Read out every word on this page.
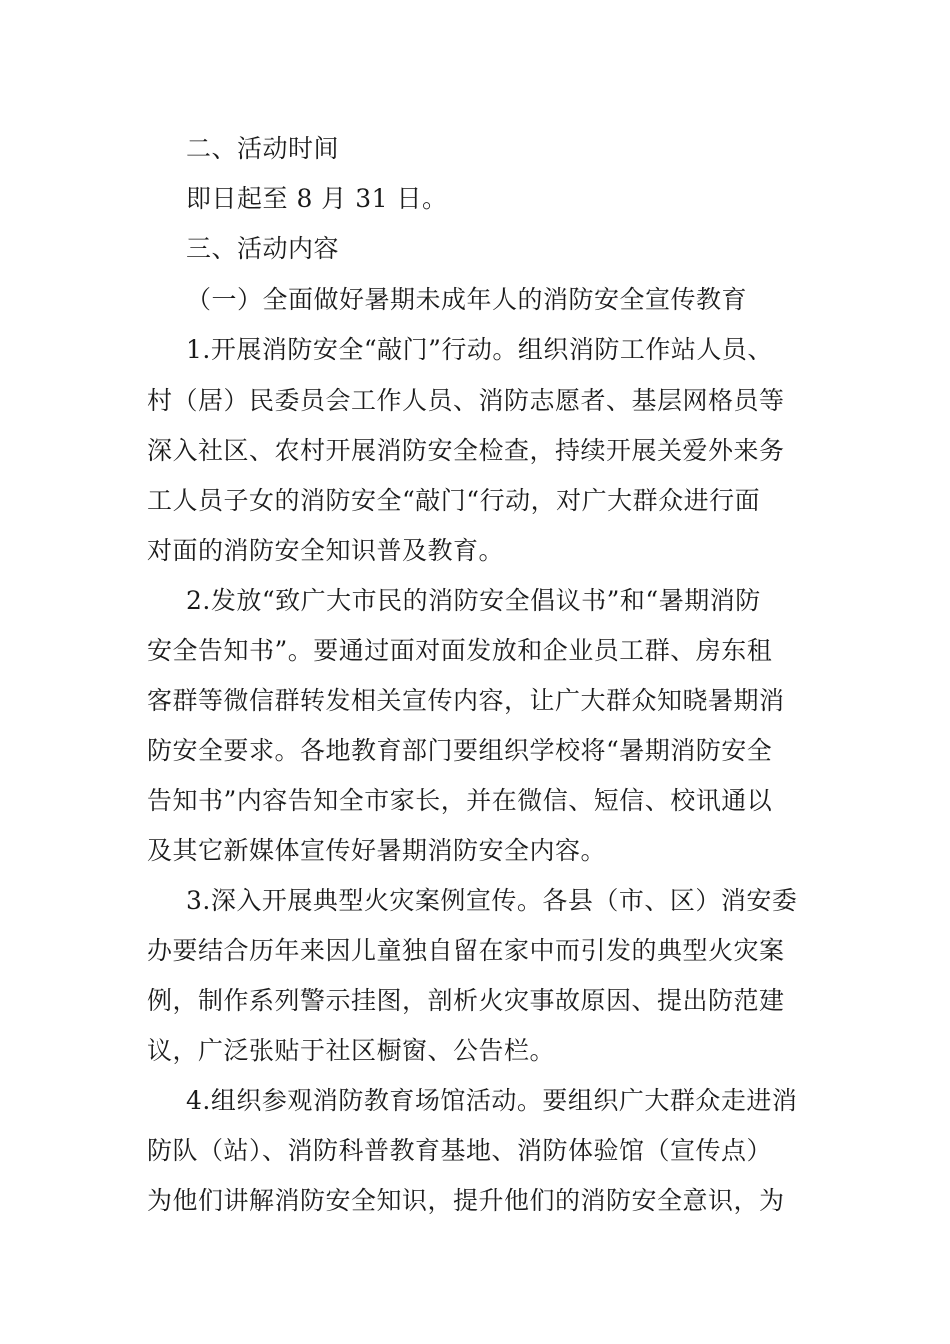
二、活动时间
即日起至 8 月 31 日。
三、活动内容
（一）全面做好暑期未成年人的消防安全宣传教育
1.开展消防安全“敲门”行动。组织消防工作站人员、
村（居）民委员会工作人员、消防志愿者、基层网格员等
深入社区、农村开展消防安全检查，持续开展关爱外来务
工人员子女的消防安全“敲门“行动，对广大群众进行面
对面的消防安全知识普及教育。
2.发放“致广大市民的消防安全倡议书”和“暑期消防
安全告知书”。要通过面对面发放和企业员工群、房东租
客群等微信群转发相关宣传内容，让广大群众知晓暑期消
防安全要求。各地教育部门要组织学校将“暑期消防安全
告知书”内容告知全市家长，并在微信、短信、校讯通以
及其它新媒体宣传好暑期消防安全内容。
3.深入开展典型火灾案例宣传。各县（市、区）消安委
办要结合历年来因儿童独自留在家中而引发的典型火灾案
例，制作系列警示挂图，剖析火灾事故原因、提出防范建
议，广泛张贴于社区橱窗、公告栏。
4.组织参观消防教育场馆活动。要组织广大群众走进消
防队（站）、消防科普教育基地、消防体验馆（宣传点）
为他们讲解消防安全知识，提升他们的消防安全意识，为
